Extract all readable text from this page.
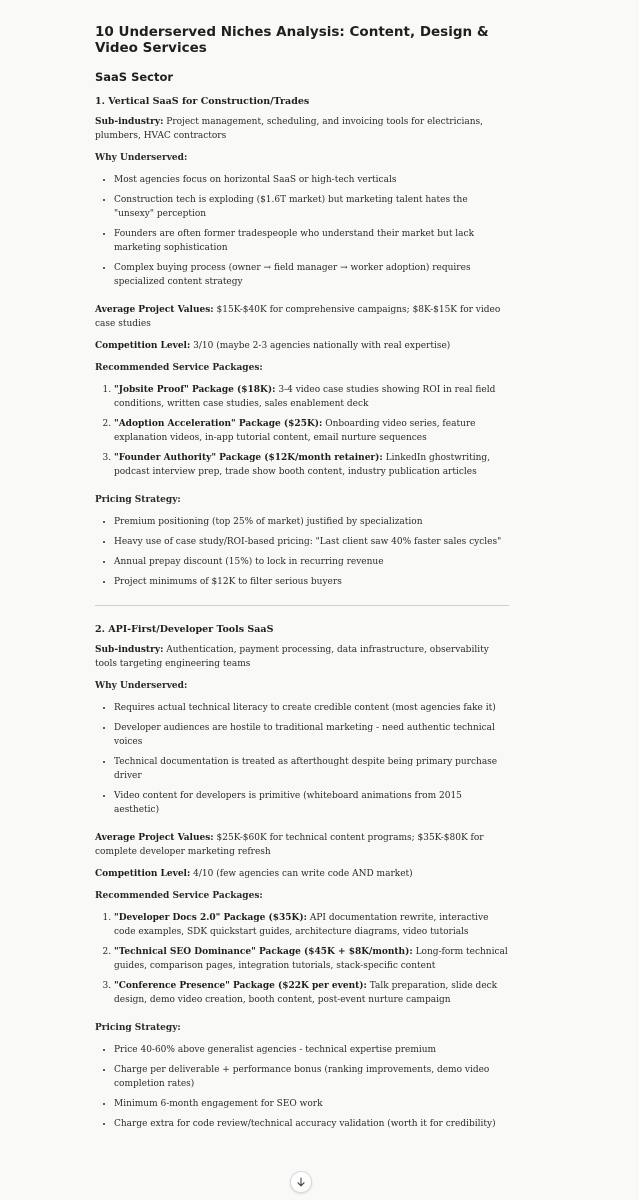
10 Underserved Niches Analysis: Content, Design & Video Services
SaaS Sector
1. Vertical SaaS for Construction/Trades

Sub-industry: Project management, scheduling, and invoicing tools for electricians, plumbers, HVAC contractors

Why Underserved:

• Most agencies focus on horizontal SaaS or high-tech verticals
• Construction tech is exploding ($1.6T market) but marketing talent hates the "unsexy" perception
• Founders are often former tradespeople who understand their market but lack marketing sophistication
• Complex buying process (owner → field manager → worker adoption) requires specialized content strategy

Average Project Values: $15K-$40K for comprehensive campaigns; $8K-$15K for video case studies

Competition Level: 3/10 (maybe 2-3 agencies nationally with real expertise)

Recommended Service Packages:

1. "Jobsite Proof" Package ($18K): 3-4 video case studies showing ROI in real field conditions, written case studies, sales enablement deck
2. "Adoption Acceleration" Package ($25K): Onboarding video series, feature explanation videos, in-app tutorial content, email nurture sequences
3. "Founder Authority" Package ($12K/month retainer): LinkedIn ghostwriting, podcast interview prep, trade show booth content, industry publication articles

Pricing Strategy:

• Premium positioning (top 25% of market) justified by specialization
• Heavy use of case study/ROI-based pricing: "Last client saw 40% faster sales cycles"
• Annual prepay discount (15%) to lock in recurring revenue
• Project minimums of $12K to filter serious buyers
2. API-First/Developer Tools SaaS

Sub-industry: Authentication, payment processing, data infrastructure, observability tools targeting engineering teams

Why Underserved:

• Requires actual technical literacy to create credible content (most agencies fake it)
• Developer audiences are hostile to traditional marketing - need authentic technical voices
• Technical documentation is treated as afterthought despite being primary purchase driver
• Video content for developers is primitive (whiteboard animations from 2015 aesthetic)

Average Project Values: $25K-$60K for technical content programs; $35K-$80K for complete developer marketing refresh

Competition Level: 4/10 (few agencies can write code AND market)

Recommended Service Packages:

1. "Developer Docs 2.0" Package ($35K): API documentation rewrite, interactive code examples, SDK quickstart guides, architecture diagrams, video tutorials
2. "Technical SEO Dominance" Package ($45K + $8K/month): Long-form technical guides, comparison pages, integration tutorials, stack-specific content
3. "Conference Presence" Package ($22K per event): Talk preparation, slide deck design, demo video creation, booth content, post-event nurture campaign

Pricing Strategy:

• Price 40-60% above generalist agencies - technical expertise premium
• Charge per deliverable + performance bonus (ranking improvements, demo video completion rates)
• Minimum 6-month engagement for SEO work
• Charge extra for code review/technical accuracy validation (worth it for credibility)
